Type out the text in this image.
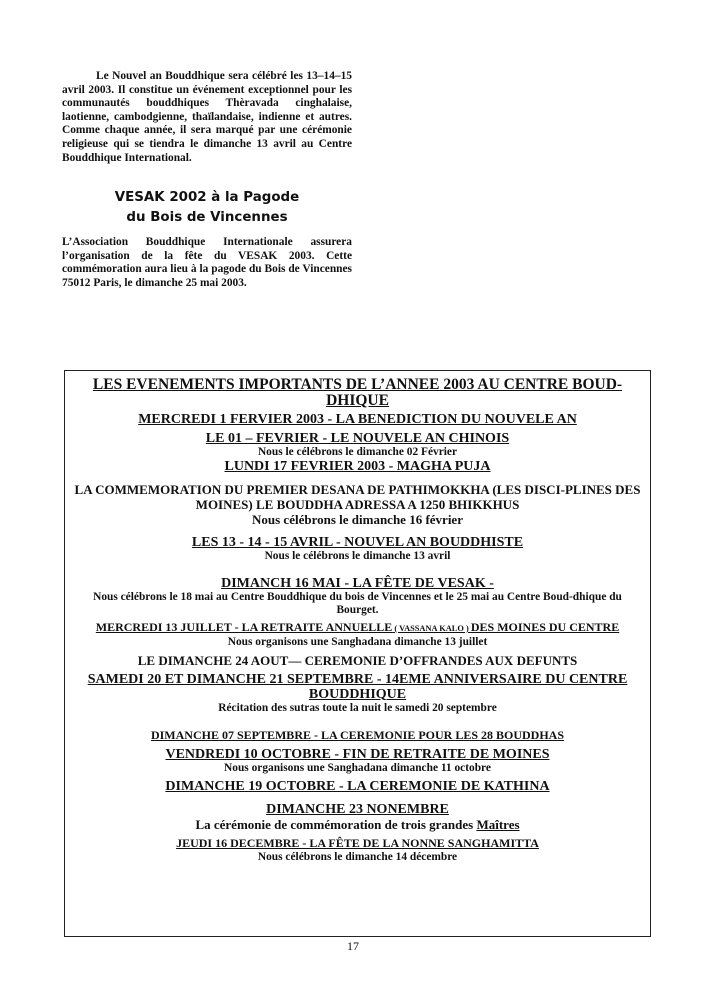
Le Nouvel an Bouddhique sera célébré les 13–14–15 avril 2003. Il constitue un événement exceptionnel pour les communautés bouddhiques Thèravada cinghalaise, laotienne, cambodgienne, thaïlandaise, indienne et autres. Comme chaque année, il sera marqué par une cérémonie religieuse qui se tiendra le dimanche 13 avril au Centre Bouddhique International.

VESAK 2002 à la Pagode
du Bois de Vincennes

L’Association Bouddhique Internationale assurera l’organisation de la fête du VESAK 2003. Cette commémoration aura lieu à la pagode du Bois de Vincennes 75012 Paris, le dimanche 25 mai 2003.

LES EVENEMENTS IMPORTANTS DE L’ANNEE 2003 AU CENTRE BOUD-DHIQUE

MERCREDI 1 FERVIER 2003 - LA BENEDICTION DU NOUVELE AN

LE 01 – FEVRIER - LE NOUVELE AN CHINOIS

Nous le célébrons le dimanche 02 Février

LUNDI 17 FEVRIER 2003 - MAGHA PUJA

LA COMMEMORATION DU PREMIER DESANA DE PATHIMOKKHA (LES DISCI-PLINES DES MOINES) LE BOUDDHA ADRESSA A 1250 BHIKKHUS

Nous célébrons le dimanche 16 février

LES 13 - 14 - 15 AVRIL - NOUVEL AN BOUDDHISTE

Nous le célébrons le dimanche 13 avril

DIMANCH 16 MAI - LA FÊTE DE VESAK -

Nous célébrons le 18 mai au Centre Bouddhique du bois de Vincennes et le 25 mai au Centre Boud-dhique du Bourget.

MERCREDI 13 JUILLET - LA RETRAITE ANNUELLE ( VASSANA KALO ) DES MOINES DU CENTRE

Nous organisons une Sanghadana dimanche 13 juillet

LE DIMANCHE 24 AOUT— CEREMONIE D’OFFRANDES AUX DEFUNTS

SAMEDI 20 ET DIMANCHE 21 SEPTEMBRE - 14EME ANNIVERSAIRE DU CENTRE BOUDDHIQUE

Récitation des sutras toute la nuit le samedi 20 septembre

DIMANCHE 07 SEPTEMBRE - LA CEREMONIE POUR LES 28 BOUDDHAS

VENDREDI 10 OCTOBRE - FIN DE RETRAITE DE MOINES

Nous organisons une Sanghadana dimanche 11 octobre

DIMANCHE 19 OCTOBRE - LA CEREMONIE DE KATHINA

DIMANCHE 23 NONEMBRE

La cérémonie de commémoration de trois grandes Maîtres

JEUDI 16 DECEMBRE - LA FÊTE DE LA NONNE SANGHAMITTA

Nous célébrons le dimanche 14 décembre

17
